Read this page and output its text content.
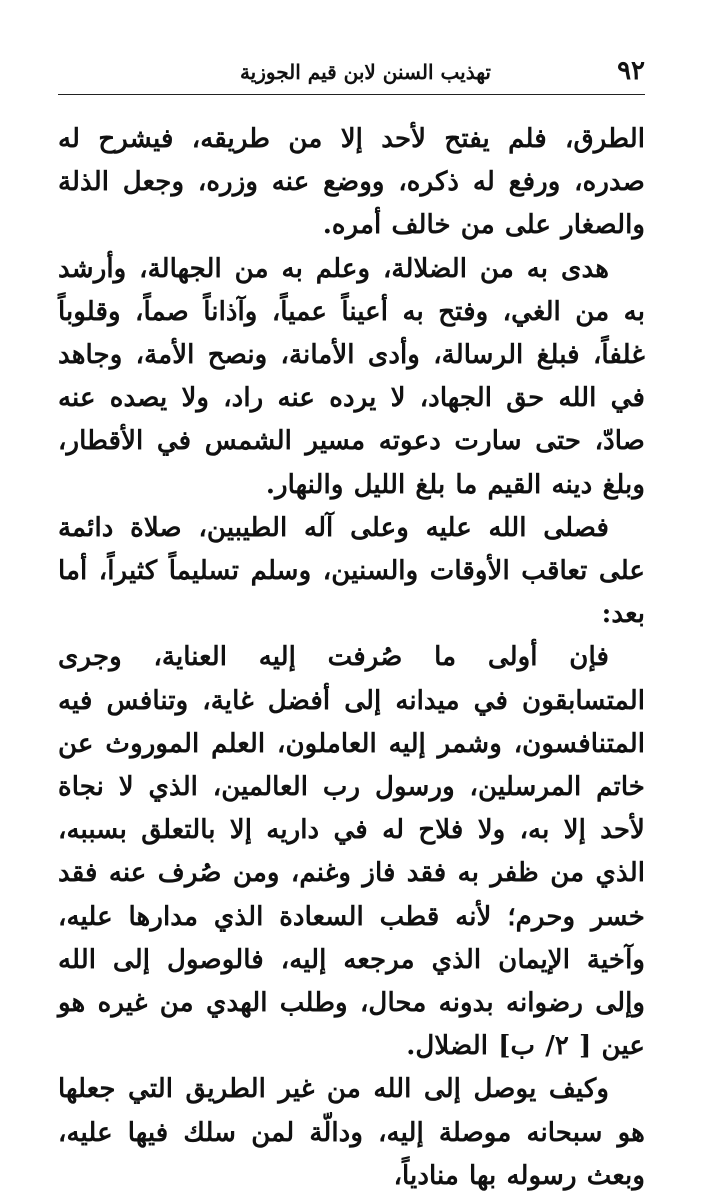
٩٢
تهذيب السنن لابن قيم الجوزية

الطرق، فلم يفتح لأحد إلا من طريقه، فيشرح له صدره، ورفع له ذكره، ووضع عنه وزره، وجعل الذلة والصغار على من خالف أمره.

هدى به من الضلالة، وعلم به من الجهالة، وأرشد به من الغي، وفتح به أعيناً عمياً، وآذاناً صماً، وقلوباً غلفاً، فبلغ الرسالة، وأدى الأمانة، ونصح الأمة، وجاهد في الله حق الجهاد، لا يرده عنه راد، ولا يصده عنه صادّ، حتى سارت دعوته مسير الشمس في الأقطار، وبلغ دينه القيم ما بلغ الليل والنهار.

فصلى الله عليه وعلى آله الطيبين، صلاة دائمة على تعاقب الأوقات والسنين، وسلم تسليماً كثيراً، أما بعد:

فإن أولى ما صُرفت إليه العناية، وجرى المتسابقون في ميدانه إلى أفضل غاية، وتنافس فيه المتنافسون، وشمر إليه العاملون، العلم الموروث عن خاتم المرسلين، ورسول رب العالمين، الذي لا نجاة لأحد إلا به، ولا فلاح له في داريه إلا بالتعلق بسببه، الذي من ظفر به فقد فاز وغنم، ومن صُرف عنه فقد خسر وحرم؛ لأنه قطب السعادة الذي مدارها عليه، وآخية الإيمان الذي مرجعه إليه، فالوصول إلى الله وإلى رضوانه بدونه محال، وطلب الهدي من غيره هو عين [ ٢/ ب] الضلال.

وكيف يوصل إلى الله من غير الطريق التي جعلها هو سبحانه موصلة إليه، ودالّة لمن سلك فيها عليه، وبعث رسوله بها منادياً،
